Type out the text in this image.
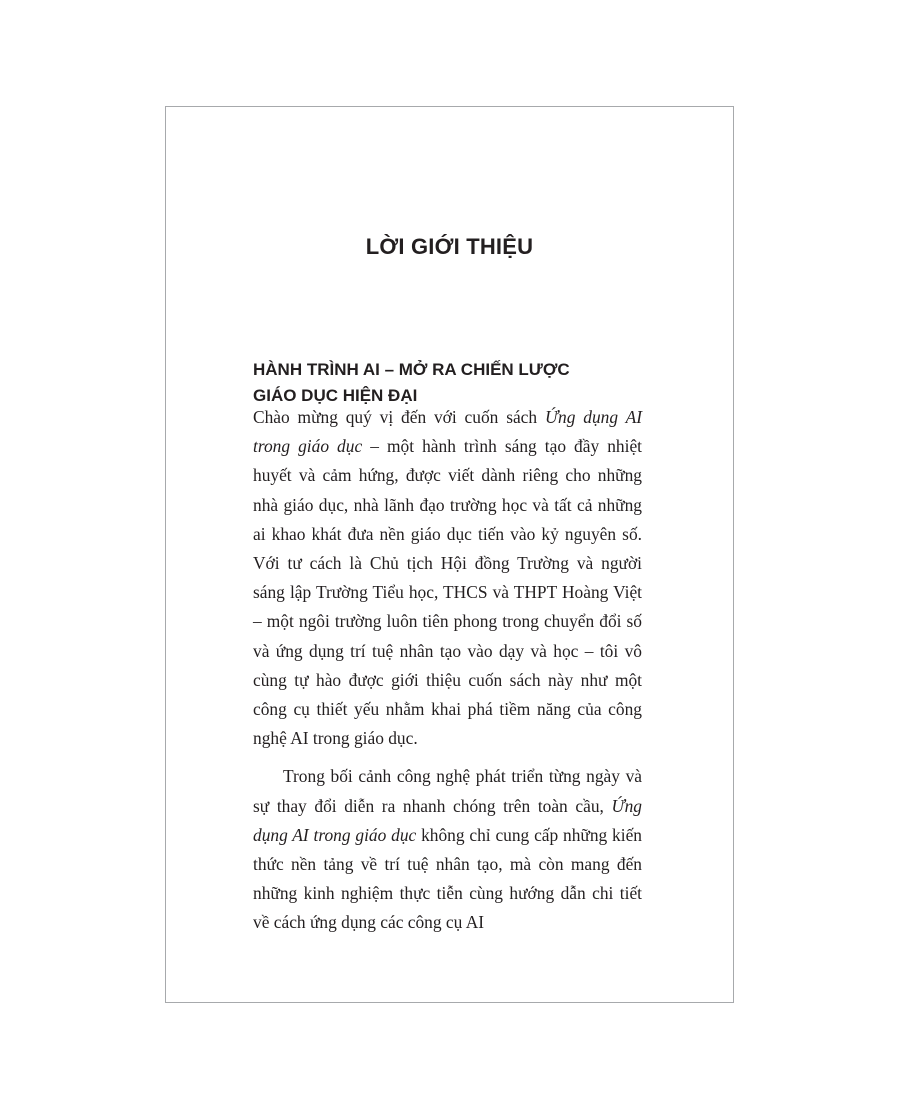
LỜI GIỚI THIỆU
HÀNH TRÌNH AI – MỞ RA CHIẾN LƯỢC
GIÁO DỤC HIỆN ĐẠI

Chào mừng quý vị đến với cuốn sách Ứng dụng AI trong giáo dục – một hành trình sáng tạo đầy nhiệt huyết và cảm hứng, được viết dành riêng cho những nhà giáo dục, nhà lãnh đạo trường học và tất cả những ai khao khát đưa nền giáo dục tiến vào kỷ nguyên số. Với tư cách là Chủ tịch Hội đồng Trường và người sáng lập Trường Tiểu học, THCS và THPT Hoàng Việt – một ngôi trường luôn tiên phong trong chuyển đổi số và ứng dụng trí tuệ nhân tạo vào dạy và học – tôi vô cùng tự hào được giới thiệu cuốn sách này như một công cụ thiết yếu nhằm khai phá tiềm năng của công nghệ AI trong giáo dục.

Trong bối cảnh công nghệ phát triển từng ngày và sự thay đổi diễn ra nhanh chóng trên toàn cầu, Ứng dụng AI trong giáo dục không chỉ cung cấp những kiến thức nền tảng về trí tuệ nhân tạo, mà còn mang đến những kinh nghiệm thực tiễn cùng hướng dẫn chi tiết về cách ứng dụng các công cụ AI
